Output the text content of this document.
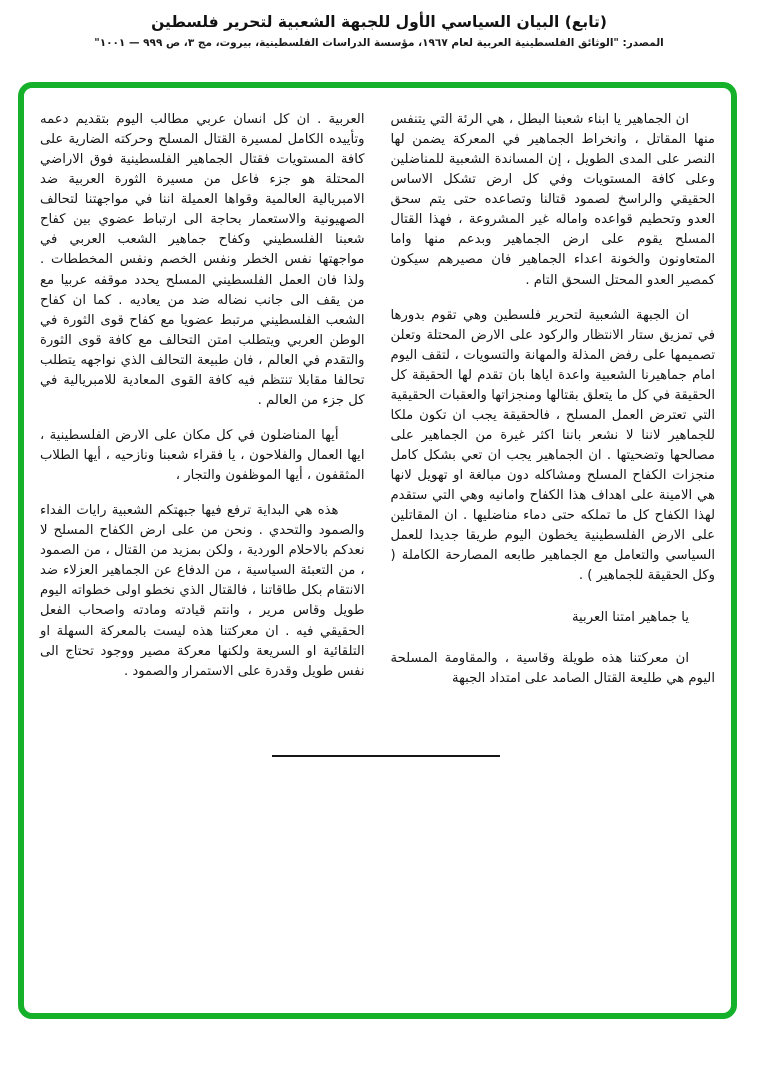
(تابع) البيان السياسي الأول للجبهة الشعبية لتحرير فلسطين
المصدر: "الوثائق الفلسطينية العربية لعام ١٩٦٧، مؤسسة الدراسات الفلسطينية، بيروت، مج ٣، ص ٩٩٩ — ١٠٠١"

ان الجماهير يا ابناء شعبنا البطل ، هي الرئة التي يتنفس منها المقاتل ، وانخراط الجماهير في المعركة يضمن لها النصر على المدى الطويل ، إن المساندة الشعبية للمناضلين وعلى كافة المستويات وفي كل ارض تشكل الاساس الحقيقي والراسخ لصمود قتالنا وتصاعده حتى يتم سحق العدو وتحطيم قواعده واماله غير المشروعة ، فهذا القتال المسلح يقوم على ارض الجماهير وبدعم منها واما المتعاونون والخونة اعداء الجماهير فان مصيرهم سيكون كمصير العدو المحتل السحق التام .

ان الجبهة الشعبية لتحرير فلسطين وهي تقوم بدورها في تمزيق ستار الانتظار والركود على الارض المحتلة وتعلن تصميمها على رفض المذلة والمهانة والتسويات ، لتقف اليوم امام جماهيرنا الشعبية واعدة اياها بان تقدم لها الحقيقة كل الحقيقة في كل ما يتعلق بقتالها ومنجزاتها والعقبات الحقيقية التي تعترض العمل المسلح ، فالحقيقة يجب ان تكون ملكا للجماهير لاننا لا نشعر باننا اكثر غيرة من الجماهير على مصالحها وتضحيتها . ان الجماهير يجب ان تعي بشكل كامل منجزات الكفاح المسلح ومشاكله دون مبالغة او تهويل لانها هي الامينة على اهداف هذا الكفاح وامانيه وهي التي ستقدم لهذا الكفاح كل ما تملكه حتى دماء مناضليها . ان المقاتلين على الارض الفلسطينية يخطون اليوم طريقا جديدا للعمل السياسي والتعامل مع الجماهير طابعه المصارحة الكاملة ( وكل الحقيقة للجماهير ) .

يا جماهير امتنا العربية

ان معركتنا هذه طويلة وقاسية ، والمقاومة المسلحة اليوم هي طليعة القتال الصامد على امتداد الجبهة

العربية . ان كل انسان عربي مطالب اليوم بتقديم دعمه وتأييده الكامل لمسيرة القتال المسلح وحركته الضارية على كافة المستويات فقتال الجماهير الفلسطينية فوق الاراضي المحتلة هو جزء فاعل من مسيرة الثورة العربية ضد الامبريالية العالمية وقواها العميلة اننا في مواجهتنا لتحالف الصهيونية والاستعمار بحاجة الى ارتباط عضوي بين كفاح شعبنا الفلسطيني وكفاح جماهير الشعب العربي في مواجهتها نفس الخطر ونفس الخصم ونفس المخططات . ولذا فان العمل الفلسطيني المسلح يحدد موقفه عربيا مع من يقف الى جانب نضاله ضد من يعاديه . كما ان كفاح الشعب الفلسطيني مرتبط عضويا مع كفاح قوى الثورة في الوطن العربي ويتطلب امتن التحالف مع كافة قوى الثورة والتقدم في العالم ، فان طبيعة التحالف الذي نواجهه يتطلب تحالفا مقابلا تنتظم فيه كافة القوى المعادية للامبريالية في كل جزء من العالم .

أيها المناضلون في كل مكان على الارض الفلسطينية ، ايها العمال والفلاحون ، يا فقراء شعبنا ونازحيه ، أيها الطلاب المثقفون ، أيها الموظفون والتجار ،

هذه هي البداية ترفع فيها جبهتكم الشعبية رايات الفداء والصمود والتحدي . ونحن من على ارض الكفاح المسلح لا نعدكم بالاحلام الوردية ، ولكن بمزيد من القتال ، من الصمود ، من التعبئة السياسية ، من الدفاع عن الجماهير العزلاء ضد الانتقام بكل طاقاتنا ، فالقتال الذي نخطو اولى خطواته اليوم طويل وقاس مرير ، وانتم قيادته ومادته واصحاب الفعل الحقيقي فيه . ان معركتنا هذه ليست بالمعركة السهلة او التلقائية او السريعة ولكنها معركة مصير ووجود تحتاج الى نفس طويل وقدرة على الاستمرار والصمود .
